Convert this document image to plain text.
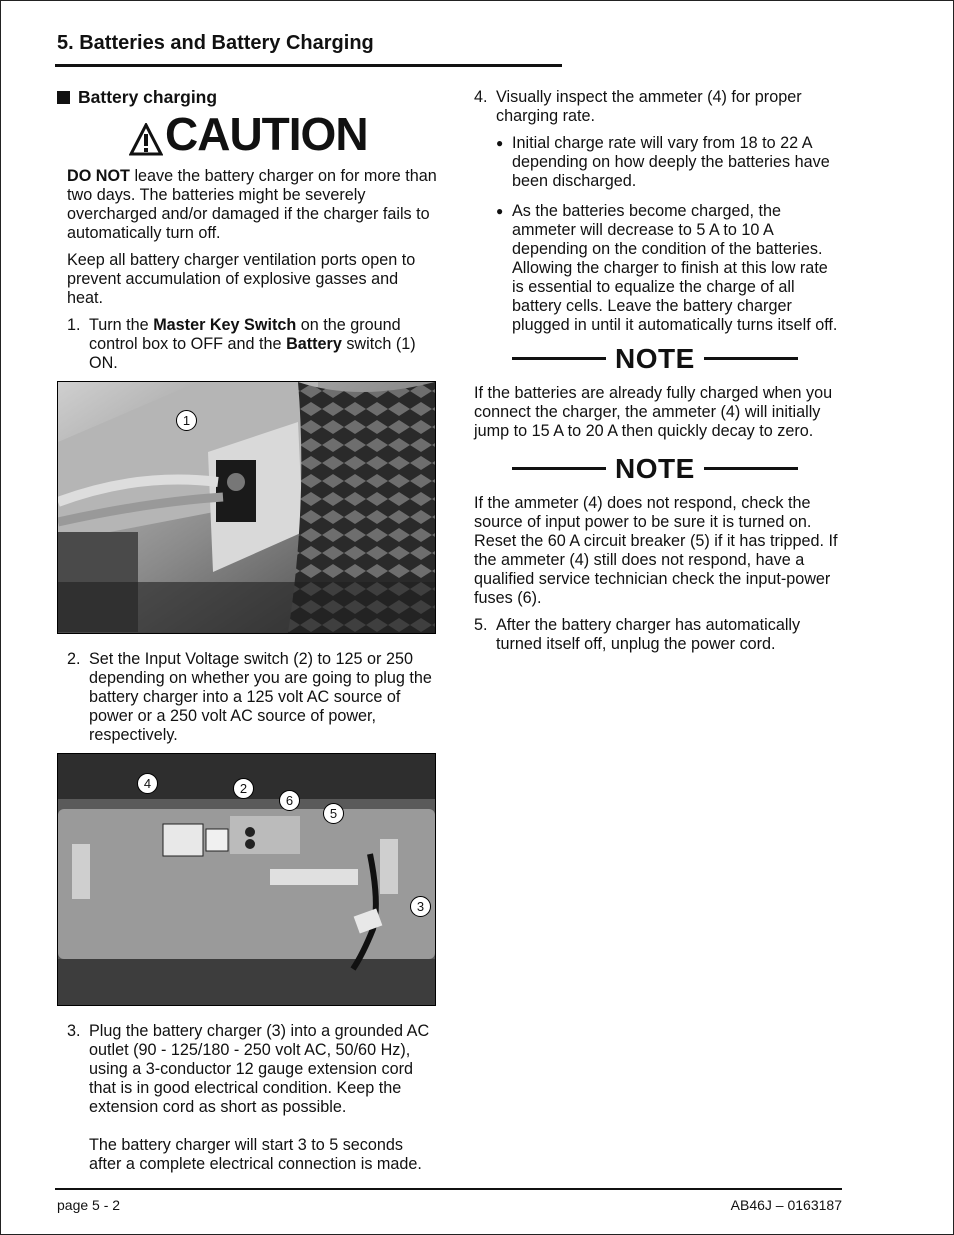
5. Batteries and Battery Charging
Battery charging
CAUTION

DO NOT leave the battery charger on for more than two days. The batteries might be severely overcharged and/or damaged if the charger fails to automatically turn off.

Keep all battery charger ventilation ports open to prevent accumulation of explosive gasses and heat.

1. Turn the Master Key Switch on the ground control box to OFF and the Battery switch (1) ON.
1
2. Set the Input Voltage switch (2) to 125 or 250 depending on whether you are going to plug the battery charger into a 125 volt AC source of power or a 250 volt AC source of power, respectively.
4	2
6
5
3
3. Plug the battery charger (3) into a grounded AC outlet (90 - 125/180 - 250 volt AC, 50/60 Hz), using a 3-conductor 12 gauge extension cord that is in good electrical condition. Keep the extension cord as short as possible.

The battery charger will start 3 to 5 seconds after a complete electrical connection is made.
4. Visually inspect the ammeter (4) for proper charging rate.
● Initial charge rate will vary from 18 to 22 A depending on how deeply the batteries have been discharged.
● As the batteries become charged, the ammeter will decrease to 5 A to 10 A depending on the condition of the batteries. Allowing the charger to finish at this low rate is essential to equalize the charge of all battery cells. Leave the battery charger plugged in until it automatically turns itself off.
NOTE

If the batteries are already fully charged when you connect the charger, the ammeter (4) will initially jump to 15 A to 20 A then quickly decay to zero.

NOTE

If the ammeter (4) does not respond, check the source of input power to be sure it is turned on. Reset the 60 A circuit breaker (5) if it has tripped. If the ammeter (4) still does not respond, have a qualified service technician check the input-power fuses (6).

5. After the battery charger has automatically turned itself off, unplug the power cord.
page 5 - 2	AB46J – 0163187
